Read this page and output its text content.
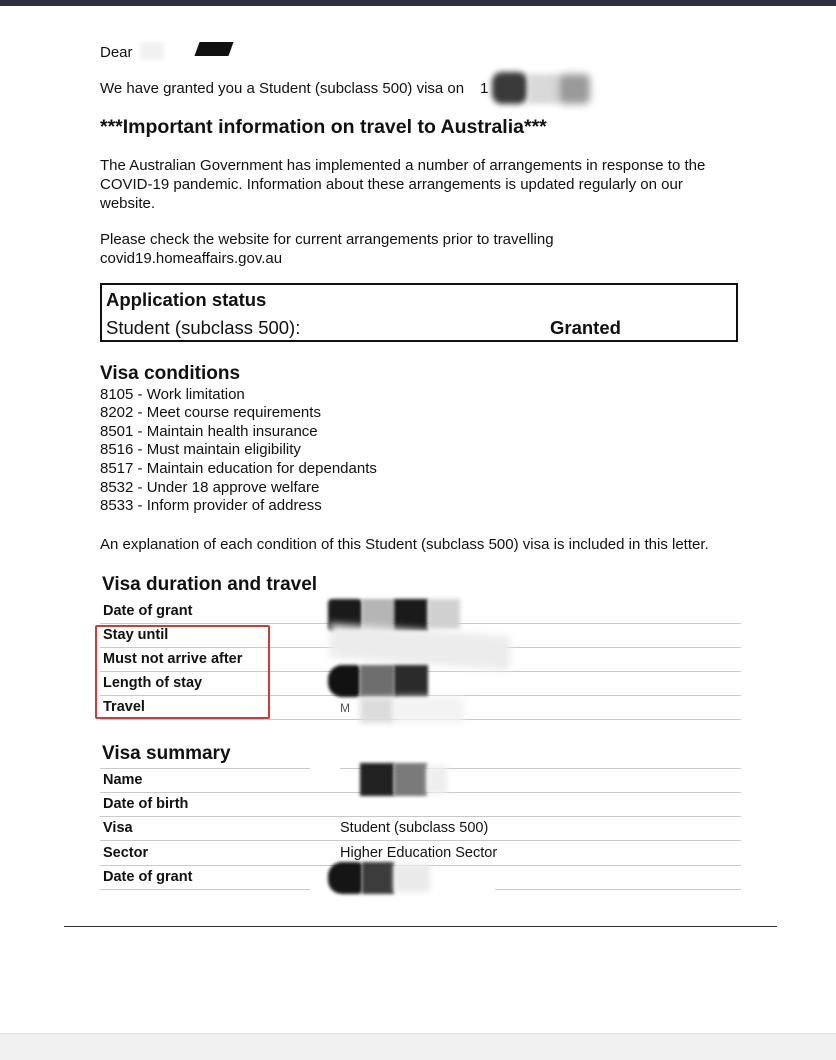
Dear
We have granted you a Student (subclass 500) visa on 1
***Important information on travel to Australia***
The Australian Government has implemented a number of arrangements in response to the
COVID-19 pandemic. Information about these arrangements is updated regularly on our
website.
Please check the website for current arrangements prior to travelling
covid19.homeaffairs.gov.au
Application status
Student (subclass 500):	Granted
Visa conditions
8105 - Work limitation
8202 - Meet course requirements
8501 - Maintain health insurance
8516 - Must maintain eligibility
8517 - Maintain education for dependants
8532 - Under 18 approve welfare
8533 - Inform provider of address
An explanation of each condition of this Student (subclass 500) visa is included in this letter.
Visa duration and travel
Date of grant
Stay until
Must not arrive after
Length of stay
Travel	M
Visa summary
Name
Date of birth
Visa	Student (subclass 500)
Sector	Higher Education Sector
Date of grant
